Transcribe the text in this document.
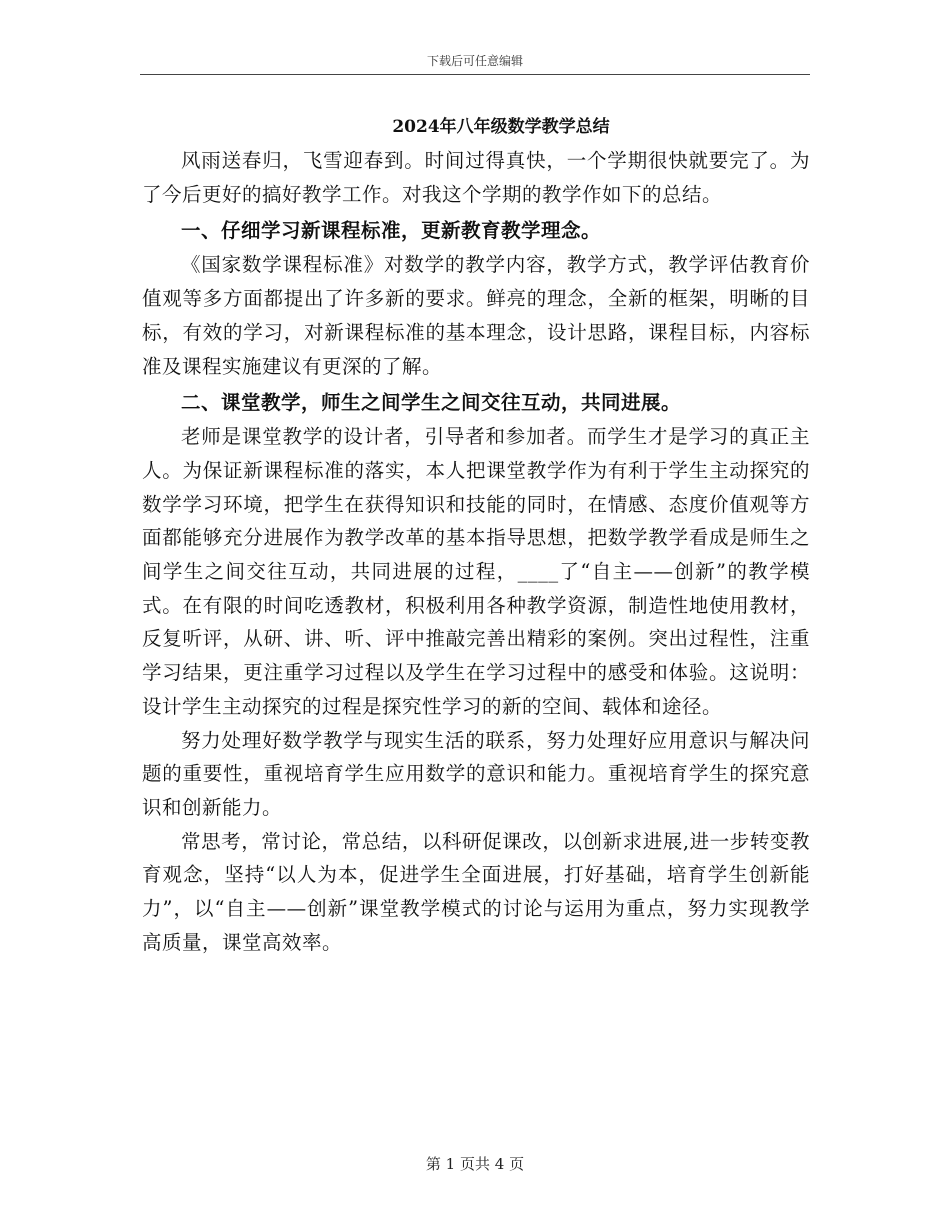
下载后可任意编辑
2024年八年级数学教学总结

风雨送春归，飞雪迎春到。时间过得真快，一个学期很快就要完了。为了今后更好的搞好教学工作。对我这个学期的教学作如下的总结。

一、仔细学习新课程标准，更新教育教学理念。

《国家数学课程标准》对数学的教学内容，教学方式，教学评估教育价值观等多方面都提出了许多新的要求。鲜亮的理念，全新的框架，明晰的目标，有效的学习，对新课程标准的基本理念，设计思路，课程目标，内容标准及课程实施建议有更深的了解。

二、课堂教学，师生之间学生之间交往互动，共同进展。

老师是课堂教学的设计者，引导者和参加者。而学生才是学习的真正主人。为保证新课程标准的落实，本人把课堂教学作为有利于学生主动探究的数学学习环境，把学生在获得知识和技能的同时，在情感、态度价值观等方面都能够充分进展作为教学改革的基本指导思想，把数学教学看成是师生之间学生之间交往互动，共同进展的过程，____了“自主——创新”的教学模式。在有限的时间吃透教材，积极利用各种教学资源，制造性地使用教材，反复听评，从研、讲、听、评中推敲完善出精彩的案例。突出过程性，注重学习结果，更注重学习过程以及学生在学习过程中的感受和体验。这说明：设计学生主动探究的过程是探究性学习的新的空间、载体和途径。

努力处理好数学教学与现实生活的联系，努力处理好应用意识与解决问题的重要性，重视培育学生应用数学的意识和能力。重视培育学生的探究意识和创新能力。

常思考，常讨论，常总结，以科研促课改，以创新求进展,进一步转变教育观念，坚持“以人为本，促进学生全面进展，打好基础，培育学生创新能力”，以“自主——创新”课堂教学模式的讨论与运用为重点，努力实现教学高质量，课堂高效率。

第 1 页共 4 页
